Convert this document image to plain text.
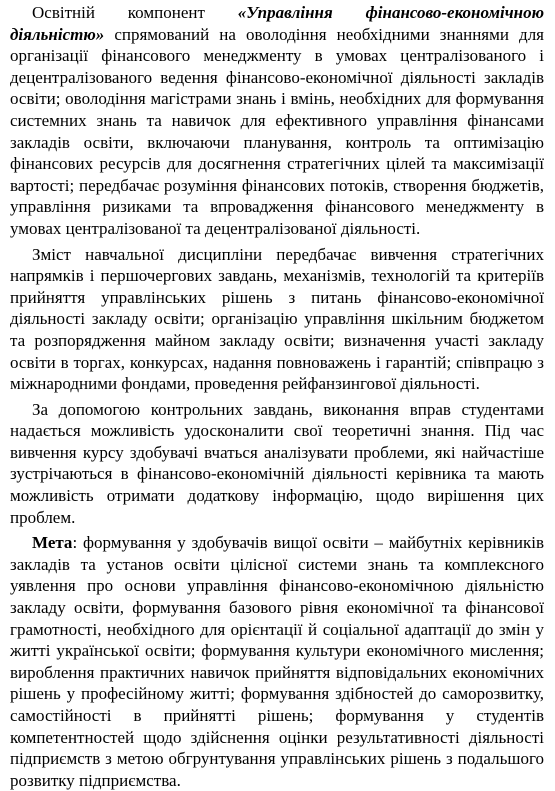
Освітній компонент «Управління фінансово-економічною діяльністю» спрямований на оволодіння необхідними знаннями для організації фінансового менеджменту в умовах централізованого і децентралізованого ведення фінансово-економічної діяльності закладів освіти; оволодіння магістрами знань і вмінь, необхідних для формування системних знань та навичок для ефективного управління фінансами закладів освіти, включаючи планування, контроль та оптимізацію фінансових ресурсів для досягнення стратегічних цілей та максимізації вартості; передбачає розуміння фінансових потоків, створення бюджетів, управління ризиками та впровадження фінансового менеджменту в умовах централізованої та децентралізованої діяльності.

Зміст навчальної дисципліни передбачає вивчення стратегічних напрямків і першочергових завдань, механізмів, технологій та критеріїв прийняття управлінських рішень з питань фінансово-економічної діяльності закладу освіти; організацію управління шкільним бюджетом та розпорядження майном закладу освіти; визначення участі закладу освіти в торгах, конкурсах, надання повноважень і гарантій; співпрацю з міжнародними фондами, проведення рейфанзингової діяльності.

За допомогою контрольних завдань, виконання вправ студентами надається можливість удосконалити свої теоретичні знання. Під час вивчення курсу здобувачі вчаться аналізувати проблеми, які найчастіше зустрічаються в фінансово-економічній діяльності керівника та мають можливість отримати додаткову інформацію, щодо вирішення цих проблем.

Мета: формування у здобувачів вищої освіти – майбутніх керівників закладів та установ освіти цілісної системи знань та комплексного уявлення про основи управління фінансово-економічною діяльністю закладу освіти, формування базового рівня економічної та фінансової грамотності, необхідного для орієнтації й соціальної адаптації до змін у житті української освіти; формування культури економічного мислення; вироблення практичних навичок прийняття відповідальних економічних рішень у професійному житті; формування здібностей до саморозвитку, самостійності в прийнятті рішень; формування у студентів компетентностей щодо здійснення оцінки результативності діяльності підприємств з метою обгрунтування управлінських рішень з подальшого розвитку підприємства.
